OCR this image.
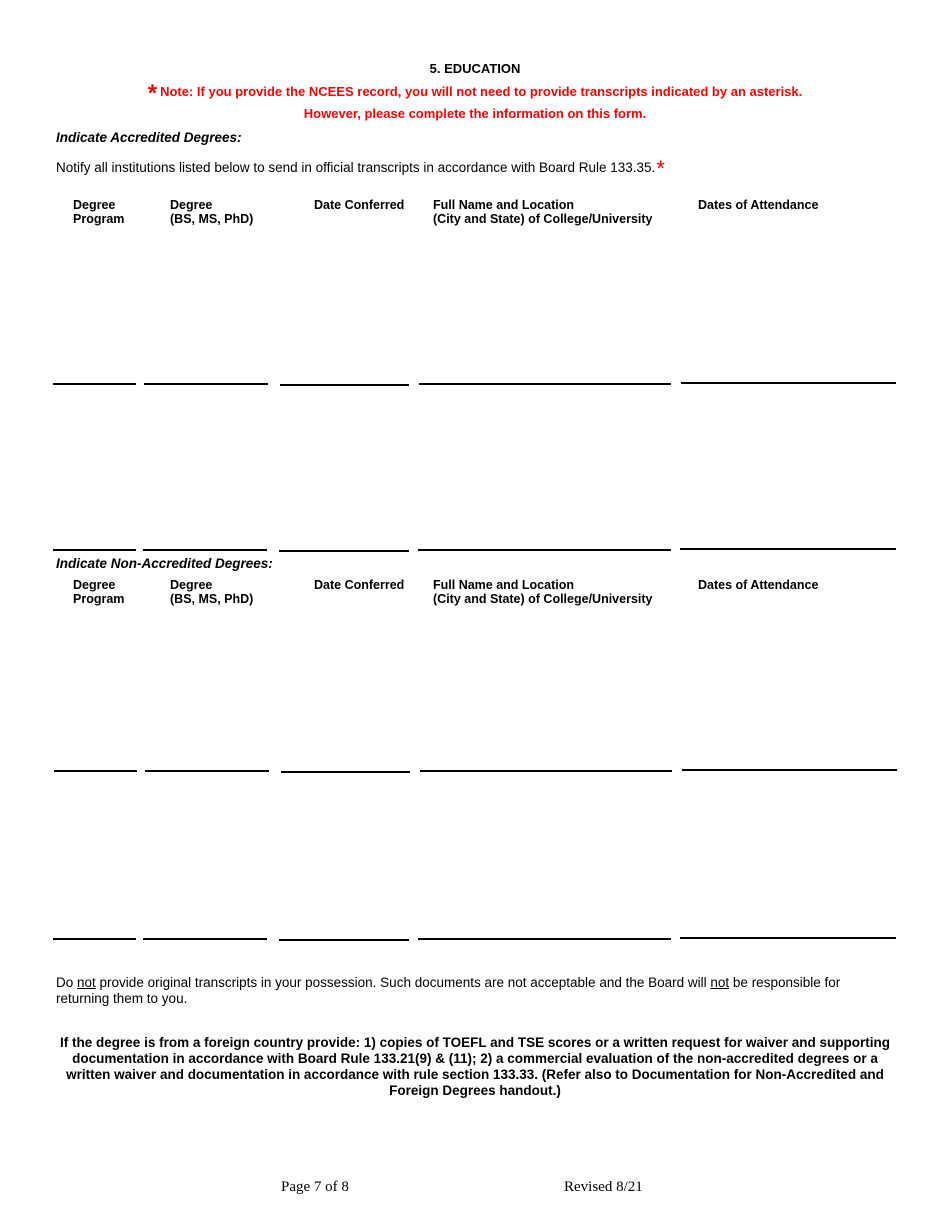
5. EDUCATION
* Note: If you provide the NCEES record, you will not need to provide transcripts indicated by an asterisk.
However, please complete the information on this form.
Indicate Accredited Degrees:
Notify all institutions listed below to send in official transcripts in accordance with Board Rule 133.35.*
Degree
Program
Degree
(BS, MS, PhD)
Date Conferred Full Name and Location
(City and State) of College/University
Dates of Attendance
Indicate Non-Accredited Degrees:
Degree
Program
Degree
(BS, MS, PhD)
Date Conferred Full Name and Location
(City and State) of College/University
Dates of Attendance
Do not provide original transcripts in your possession. Such documents are not acceptable and the Board will not be responsible for returning them to you.
If the degree is from a foreign country provide: 1) copies of TOEFL and TSE scores or a written request for waiver and supporting documentation in accordance with Board Rule 133.21(9) & (11); 2) a commercial evaluation of the non-accredited degrees or a written waiver and documentation in accordance with rule section 133.33. (Refer also to Documentation for Non-Accredited and Foreign Degrees handout.)
Page 7 of 8	Revised 8/21
